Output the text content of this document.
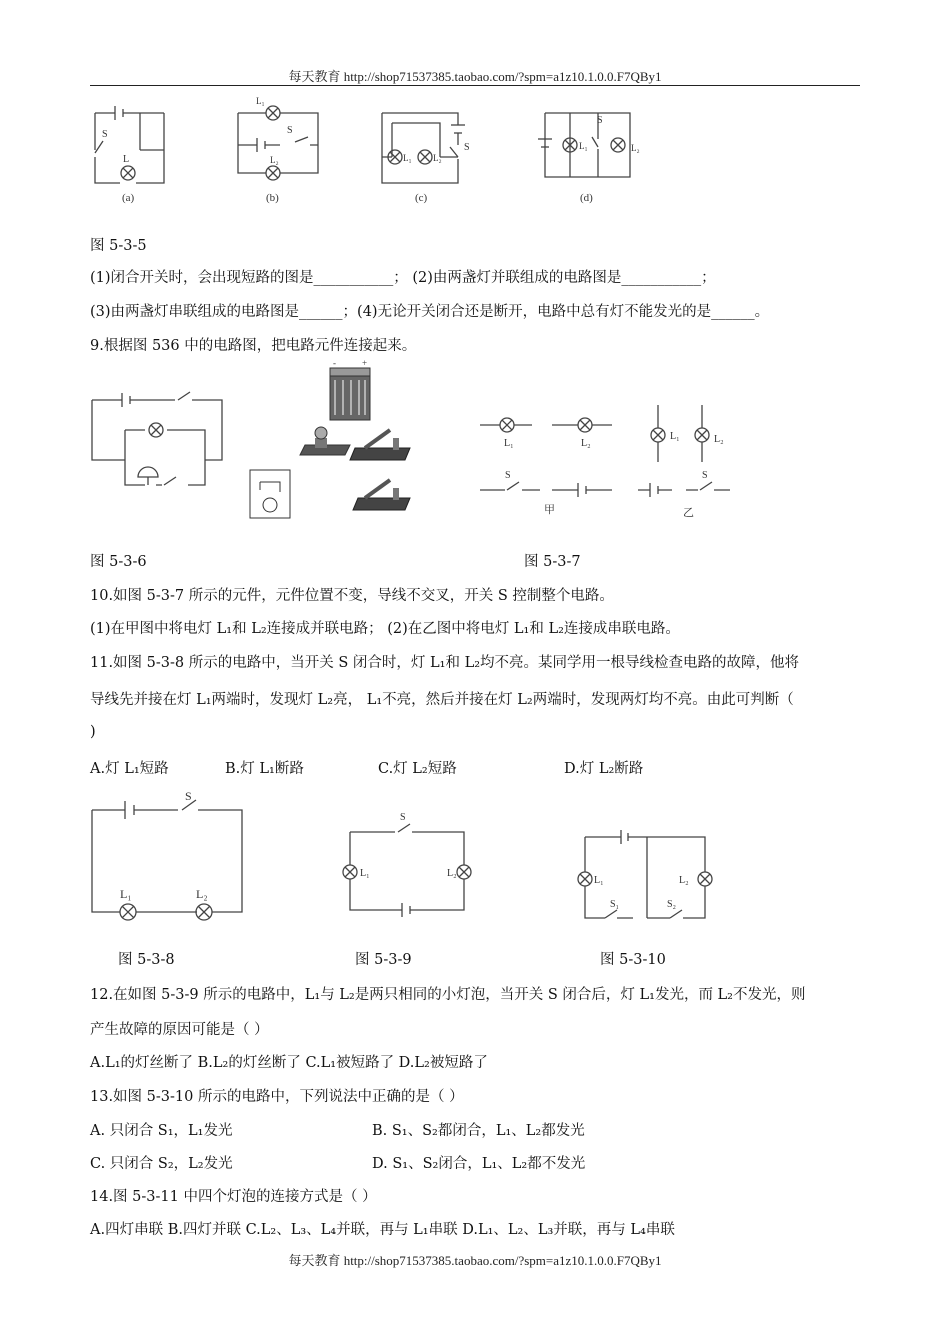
每天教育 http://shop71537385.taobao.com/?spm=a1z10.1.0.0.F7QBy1
L
S
(a)
L₁
L₂
S
(b)
L₁ L₂
S
(c)
L₁	L₂
S
(d)
图 5-3-5
(1)闭合开关时，会出现短路的图是___________； (2)由两盏灯并联组成的电路图是___________；
(3)由两盏灯串联组成的电路图是______；(4)无论开关闭合还是断开，电路中总有灯不能发光的是______。
9.根据图 536 中的电路图，把电路元件连接起来。
-	+
L₁	L₂
S
甲
L₁	L₂
S
乙
图 5-3-6	图 5-3-7
10.如图 5-3-7 所示的元件，元件位置不变，导线不交叉，开关 S 控制整个电路。
(1)在甲图中将电灯 L₁和 L₂连接成并联电路； (2)在乙图中将电灯 L₁和 L₂连接成串联电路。
11.如图 5-3-8 所示的电路中，当开关 S 闭合时，灯 L₁和 L₂均不亮。某同学用一根导线检查电路的故障，他将
导线先并接在灯 L₁两端时，发现灯 L₂亮， L₁不亮，然后并接在灯 L₂两端时，发现两灯均不亮。由此可判断（
)
A.灯 L₁短路	B.灯 L₁断路	C.灯 L₂短路	D.灯 L₂断路
L₁	L₂
S
L₁	L₂
S
L₁	L₂
S₁	S₂
图 5-3-8	图 5-3-9	图 5-3-10
12.在如图 5-3-9 所示的电路中，L₁与 L₂是两只相同的小灯泡，当开关 S 闭合后，灯 L₁发光，而 L₂不发光，则
产生故障的原因可能是（ ）
A.L₁的灯丝断了 B.L₂的灯丝断了 C.L₁被短路了 D.L₂被短路了
13.如图 5-3-10 所示的电路中，下列说法中正确的是（ ）
A. 只闭合 S₁，L₁发光	B. S₁、S₂都闭合，L₁、L₂都发光
C. 只闭合 S₂，L₂发光	D. S₁、S₂闭合，L₁、L₂都不发光
14.图 5-3-11 中四个灯泡的连接方式是（ ）
A.四灯串联 B.四灯并联 C.L₂、L₃、L₄并联，再与 L₁串联 D.L₁、L₂、L₃并联，再与 L₄串联
每天教育 http://shop71537385.taobao.com/?spm=a1z10.1.0.0.F7QBy1
